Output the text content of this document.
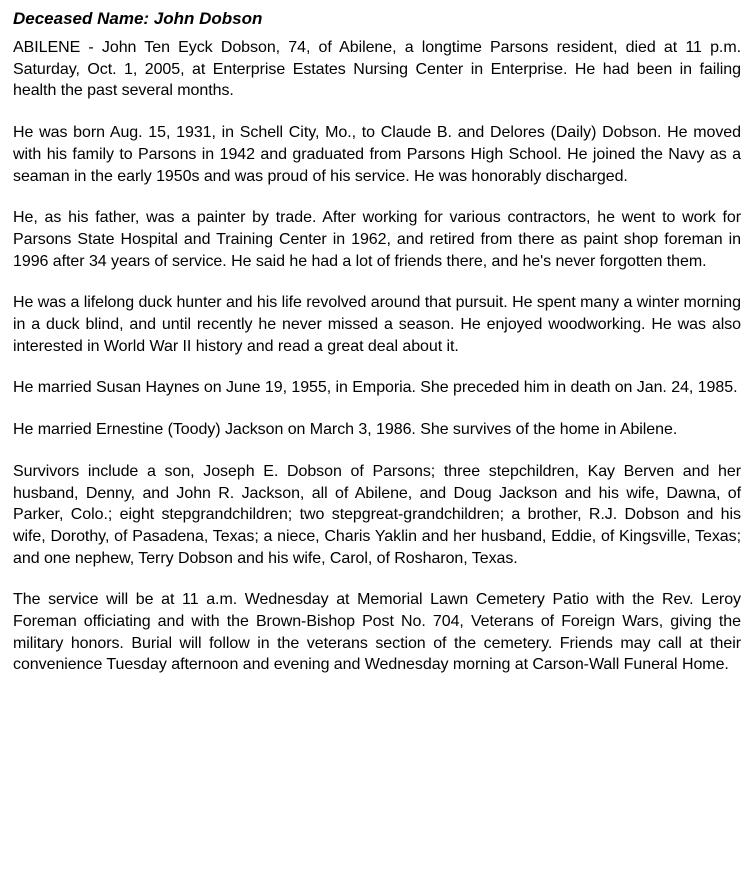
Deceased Name: John Dobson

ABILENE - John Ten Eyck Dobson, 74, of Abilene, a longtime Parsons resident, died at 11 p.m. Saturday, Oct. 1, 2005, at Enterprise Estates Nursing Center in Enterprise. He had been in failing health the past several months.

He was born Aug. 15, 1931, in Schell City, Mo., to Claude B. and Delores (Daily) Dobson. He moved with his family to Parsons in 1942 and graduated from Parsons High School. He joined the Navy as a seaman in the early 1950s and was proud of his service. He was honorably discharged.

He, as his father, was a painter by trade. After working for various contractors, he went to work for Parsons State Hospital and Training Center in 1962, and retired from there as paint shop foreman in 1996 after 34 years of service. He said he had a lot of friends there, and he's never forgotten them.

He was a lifelong duck hunter and his life revolved around that pursuit. He spent many a winter morning in a duck blind, and until recently he never missed a season. He enjoyed woodworking. He was also interested in World War II history and read a great deal about it.

He married Susan Haynes on June 19, 1955, in Emporia. She preceded him in death on Jan. 24, 1985.

He married Ernestine (Toody) Jackson on March 3, 1986. She survives of the home in Abilene.

Survivors include a son, Joseph E. Dobson of Parsons; three stepchildren, Kay Berven and her husband, Denny, and John R. Jackson, all of Abilene, and Doug Jackson and his wife, Dawna, of Parker, Colo.; eight stepgrandchildren; two stepgreat-grandchildren; a brother, R.J. Dobson and his wife, Dorothy, of Pasadena, Texas; a niece, Charis Yaklin and her husband, Eddie, of Kingsville, Texas; and one nephew, Terry Dobson and his wife, Carol, of Rosharon, Texas.

The service will be at 11 a.m. Wednesday at Memorial Lawn Cemetery Patio with the Rev. Leroy Foreman officiating and with the Brown-Bishop Post No. 704, Veterans of Foreign Wars, giving the military honors. Burial will follow in the veterans section of the cemetery. Friends may call at their convenience Tuesday afternoon and evening and Wednesday morning at Carson-Wall Funeral Home.
